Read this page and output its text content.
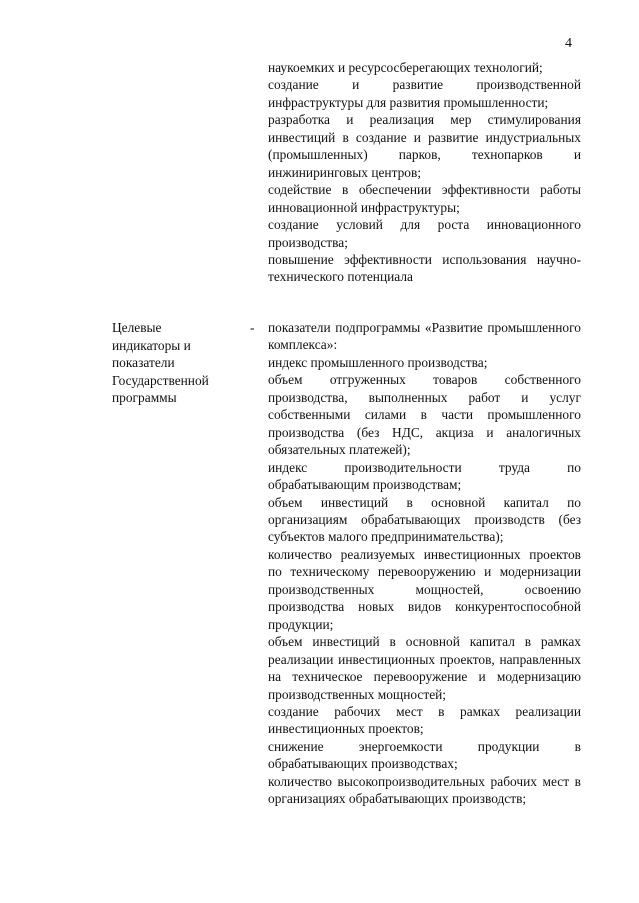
4

наукоемких и ресурсосберегающих технологий;

создание и развитие производственной инфраструктуры для развития промышленности;

разработка и реализация мер стимулирования инвестиций в создание и развитие индустриальных (промышленных) парков, технопарков и инжиниринговых центров;

содействие в обеспечении эффективности работы инновационной инфраструктуры;

создание условий для роста инновационного производства;

повышение эффективности использования научно-технического потенциала

Целевые
индикаторы и
показатели
Государственной
программы
- показатели подпрограммы «Развитие промышленного комплекса»:

индекс промышленного производства;

объем отгруженных товаров собственного производства, выполненных работ и услуг собственными силами в части промышленного производства (без НДС, акциза и аналогичных обязательных платежей);

индекс производительности труда по обрабатывающим производствам;

объем инвестиций в основной капитал по организациям обрабатывающих производств (без субъектов малого предпринимательства);

количество реализуемых инвестиционных проектов по техническому перевооружению и модернизации производственных мощностей, освоению производства новых видов конкурентоспособной продукции;

объем инвестиций в основной капитал в рамках реализации инвестиционных проектов, направленных на техническое перевооружение и модернизацию производственных мощностей;

создание рабочих мест в рамках реализации инвестиционных проектов;

снижение энергоемкости продукции в обрабатывающих производствах;

количество высокопроизводительных рабочих мест в организациях обрабатывающих производств;
